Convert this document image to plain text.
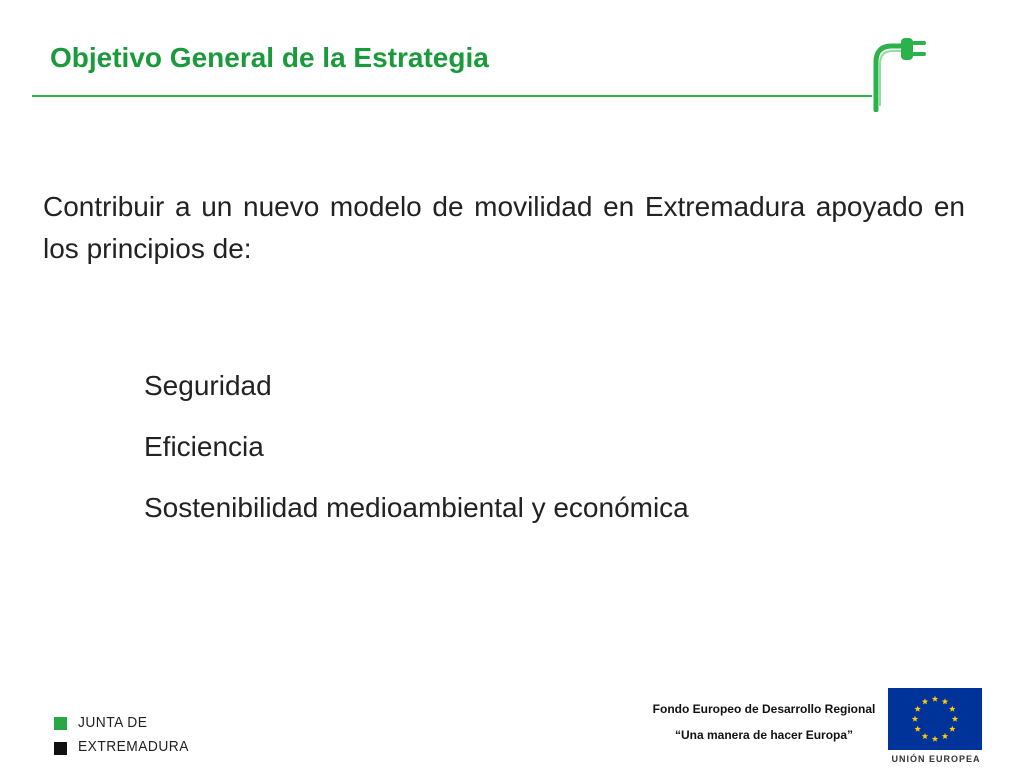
Objetivo General de la Estrategia
Contribuir a un nuevo modelo de movilidad en Extremadura apoyado en los principios de:
Seguridad
Eficiencia
Sostenibilidad medioambiental y económica
JUNTA DE
EXTREMADURA
Fondo Europeo de Desarrollo Regional
“Una manera de hacer Europa”
UNIÓN EUROPEA
